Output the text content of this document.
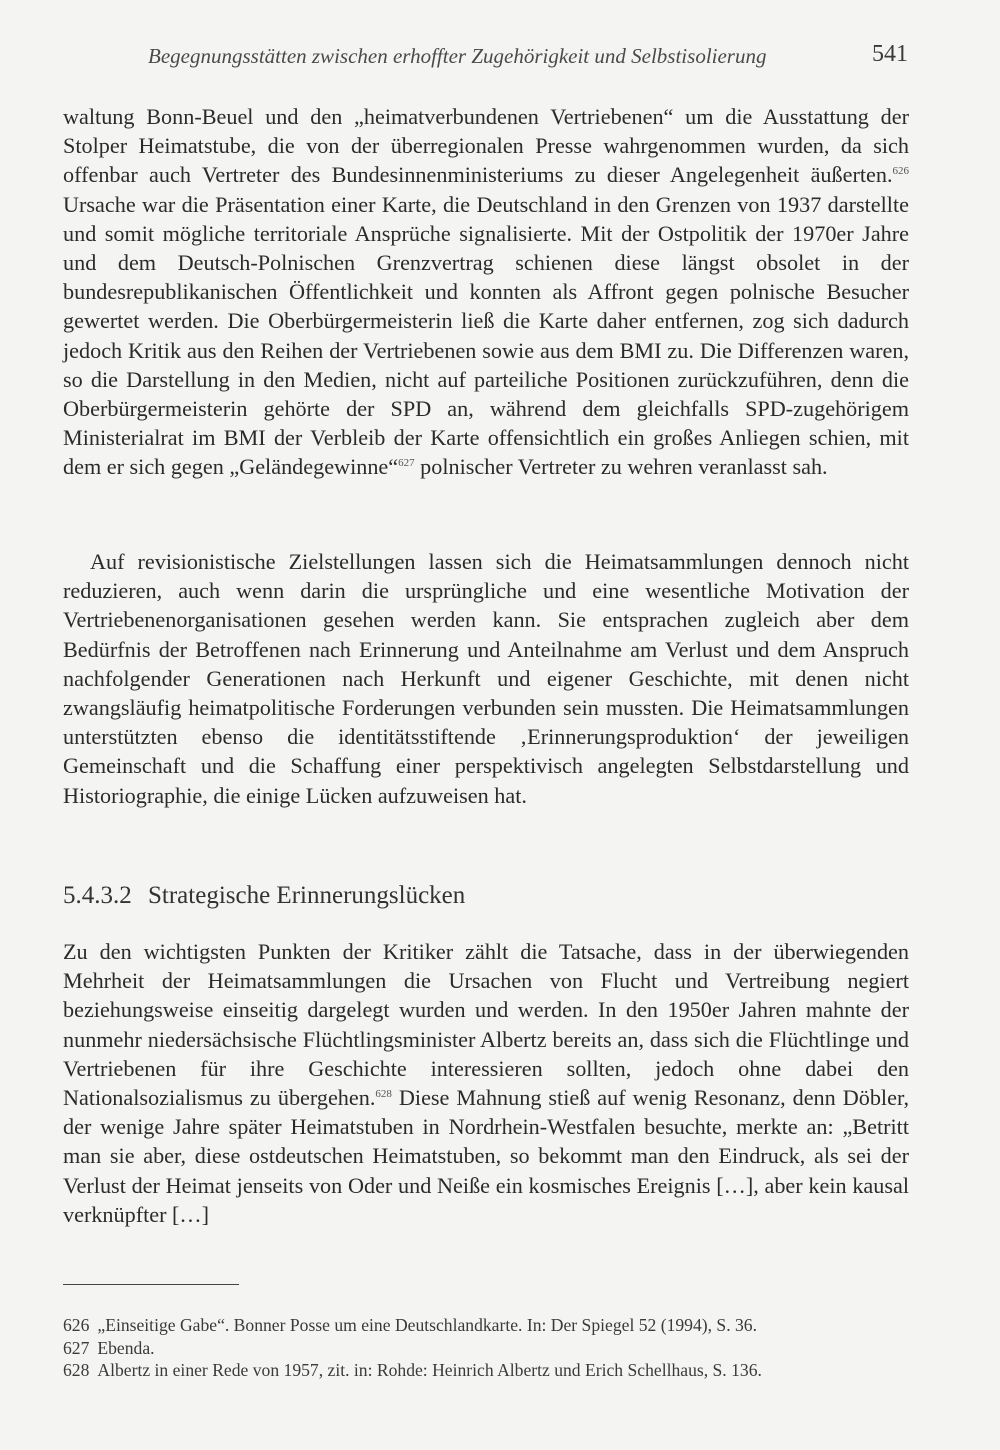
Begegnungsstätten zwischen erhoffter Zugehörigkeit und Selbstisolierung	541

waltung Bonn-Beuel und den „heimatverbundenen Vertriebenen“ um die Ausstattung der Stolper Heimatstube, die von der überregionalen Presse wahrgenommen wurden, da sich offenbar auch Vertreter des Bundesinnenministeriums zu dieser Angelegenheit äußerten.$^{626}$ Ursache war die Präsentation einer Karte, die Deutschland in den Grenzen von 1937 darstellte und somit mögliche territoriale Ansprüche signalisierte. Mit der Ostpolitik der 1970er Jahre und dem Deutsch-Polnischen Grenzvertrag schienen diese längst obsolet in der bundesrepublikanischen Öffentlichkeit und konnten als Affront gegen polnische Besucher gewertet werden. Die Oberbürgermeisterin ließ die Karte daher entfernen, zog sich dadurch jedoch Kritik aus den Reihen der Vertriebenen sowie aus dem BMI zu. Die Differenzen waren, so die Darstellung in den Medien, nicht auf parteiliche Positionen zurückzuführen, denn die Oberbürgermeisterin gehörte der SPD an, während dem gleichfalls SPD-zugehörigem Ministerialrat im BMI der Verbleib der Karte offensichtlich ein großes Anliegen schien, mit dem er sich gegen „Geländegewinne“$^{627}$ polnischer Vertreter zu wehren veranlasst sah.

Auf revisionistische Zielstellungen lassen sich die Heimatsammlungen dennoch nicht reduzieren, auch wenn darin die ursprüngliche und eine wesentliche Motivation der Vertriebenenorganisationen gesehen werden kann. Sie entsprachen zugleich aber dem Bedürfnis der Betroffenen nach Erinnerung und Anteilnahme am Verlust und dem Anspruch nachfolgender Generationen nach Herkunft und eigener Geschichte, mit denen nicht zwangsläufig heimatpolitische Forderungen verbunden sein mussten. Die Heimatsammlungen unterstützten ebenso die identitätsstiftende ‚Erinnerungsproduktion‘ der jeweiligen Gemeinschaft und die Schaffung einer perspektivisch angelegten Selbstdarstellung und Historiographie, die einige Lücken aufzuweisen hat.

5.4.3.2 Strategische Erinnerungslücken

Zu den wichtigsten Punkten der Kritiker zählt die Tatsache, dass in der überwiegenden Mehrheit der Heimatsammlungen die Ursachen von Flucht und Vertreibung negiert beziehungsweise einseitig dargelegt wurden und werden. In den 1950er Jahren mahnte der nunmehr niedersächsische Flüchtlingsminister Albertz bereits an, dass sich die Flüchtlinge und Vertriebenen für ihre Geschichte interessieren sollten, jedoch ohne dabei den Nationalsozialismus zu übergehen.$^{628}$ Diese Mahnung stieß auf wenig Resonanz, denn Döbler, der wenige Jahre später Heimatstuben in Nordrhein-Westfalen besuchte, merkte an: „Betritt man sie aber, diese ostdeutschen Heimatstuben, so bekommt man den Eindruck, als sei der Verlust der Heimat jenseits von Oder und Neiße ein kosmisches Ereignis […], aber kein kausal verknüpfter […]

626 „Einseitige Gabe“. Bonner Posse um eine Deutschlandkarte. In: Der Spiegel 52 (1994), S. 36.
627 Ebenda.
628 Albertz in einer Rede von 1957, zit. in: Rohde: Heinrich Albertz und Erich Schellhaus, S. 136.
